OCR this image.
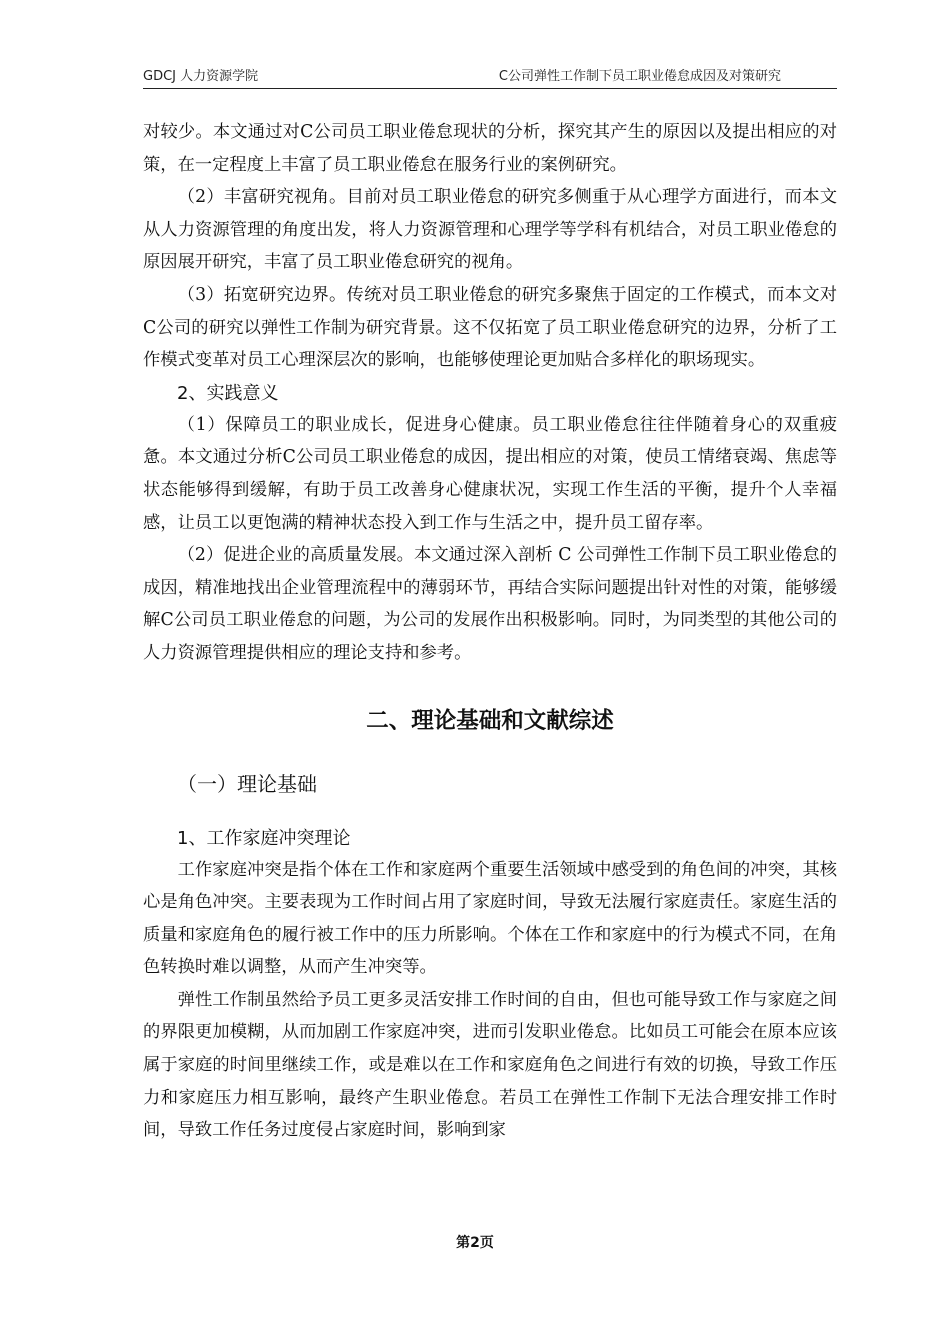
GDCJ 人力资源学院	C公司弹性工作制下员工职业倦怠成因及对策研究

对较少。本文通过对C公司员工职业倦怠现状的分析，探究其产生的原因以及提出相应的对策，在一定程度上丰富了员工职业倦怠在服务行业的案例研究。

（2）丰富研究视角。目前对员工职业倦怠的研究多侧重于从心理学方面进行，而本文从人力资源管理的角度出发，将人力资源管理和心理学等学科有机结合，对员工职业倦怠的原因展开研究，丰富了员工职业倦怠研究的视角。

（3）拓宽研究边界。传统对员工职业倦怠的研究多聚焦于固定的工作模式，而本文对C公司的研究以弹性工作制为研究背景。这不仅拓宽了员工职业倦怠研究的边界，分析了工作模式变革对员工心理深层次的影响，也能够使理论更加贴合多样化的职场现实。

2、实践意义

（1）保障员工的职业成长，促进身心健康。员工职业倦怠往往伴随着身心的双重疲惫。本文通过分析C公司员工职业倦怠的成因，提出相应的对策，使员工情绪衰竭、焦虑等状态能够得到缓解，有助于员工改善身心健康状况，实现工作生活的平衡，提升个人幸福感，让员工以更饱满的精神状态投入到工作与生活之中，提升员工留存率。

（2）促进企业的高质量发展。本文通过深入剖析 C 公司弹性工作制下员工职业倦怠的成因，精准地找出企业管理流程中的薄弱环节，再结合实际问题提出针对性的对策，能够缓解C公司员工职业倦怠的问题，为公司的发展作出积极影响。同时，为同类型的其他公司的人力资源管理提供相应的理论支持和参考。

二、理论基础和文献综述
（一）理论基础
1、工作家庭冲突理论

工作家庭冲突是指个体在工作和家庭两个重要生活领域中感受到的角色间的冲突，其核心是角色冲突。主要表现为工作时间占用了家庭时间，导致无法履行家庭责任。家庭生活的质量和家庭角色的履行被工作中的压力所影响。个体在工作和家庭中的行为模式不同，在角色转换时难以调整，从而产生冲突等。

弹性工作制虽然给予员工更多灵活安排工作时间的自由，但也可能导致工作与家庭之间的界限更加模糊，从而加剧工作家庭冲突，进而引发职业倦怠。比如员工可能会在原本应该属于家庭的时间里继续工作，或是难以在工作和家庭角色之间进行有效的切换，导致工作压力和家庭压力相互影响，最终产生职业倦怠。若员工在弹性工作制下无法合理安排工作时间，导致工作任务过度侵占家庭时间，影响到家

第2页
